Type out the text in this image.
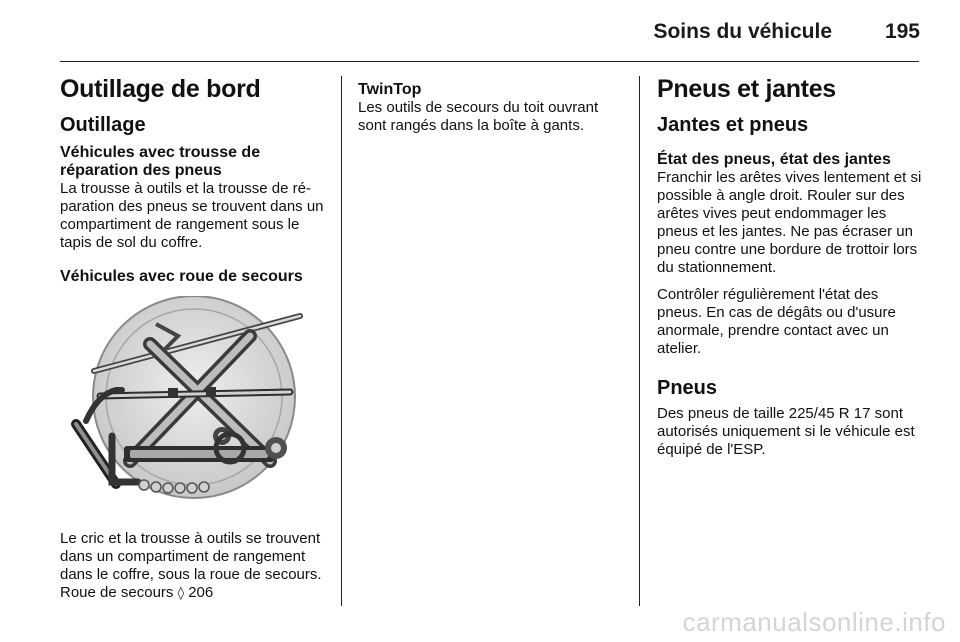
Soins du véhicule	195
Outillage de bord
Outillage
Véhicules avec trousse de réparation des pneus

La trousse à outils et la trousse de réparation des pneus se trouvent dans un compartiment de rangement sous le tapis de sol du coffre.

Véhicules avec roue de secours

Le cric et la trousse à outils se trouvent dans un compartiment de rangement dans le coffre, sous la roue de secours. Roue de secours ◊ 206

TwinTop

Les outils de secours du toit ouvrant sont rangés dans la boîte à gants.

Pneus et jantes
Jantes et pneus
État des pneus, état des jantes

Franchir les arêtes vives lentement et si possible à angle droit. Rouler sur des arêtes vives peut endommager les pneus et les jantes. Ne pas écraser un pneu contre une bordure de trottoir lors du stationnement.

Contrôler régulièrement l'état des pneus. En cas de dégâts ou d'usure anormale, prendre contact avec un atelier.

Pneus

Des pneus de taille 225/45 R 17 sont autorisés uniquement si le véhicule est équipé de l'ESP.

carmanualsonline.info
